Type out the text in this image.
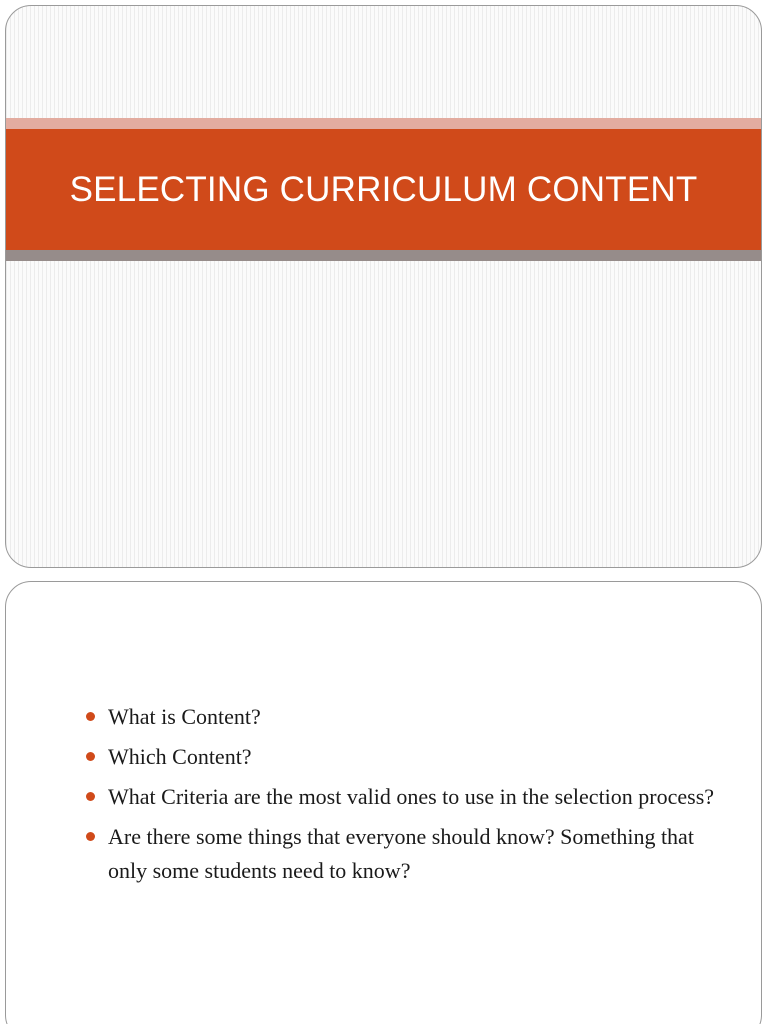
SELECTING CURRICULUM CONTENT
What is Content?
Which Content?
What Criteria are the most valid ones to use in the selection process?
Are there some things that everyone should know? Something that only some students need to know?
